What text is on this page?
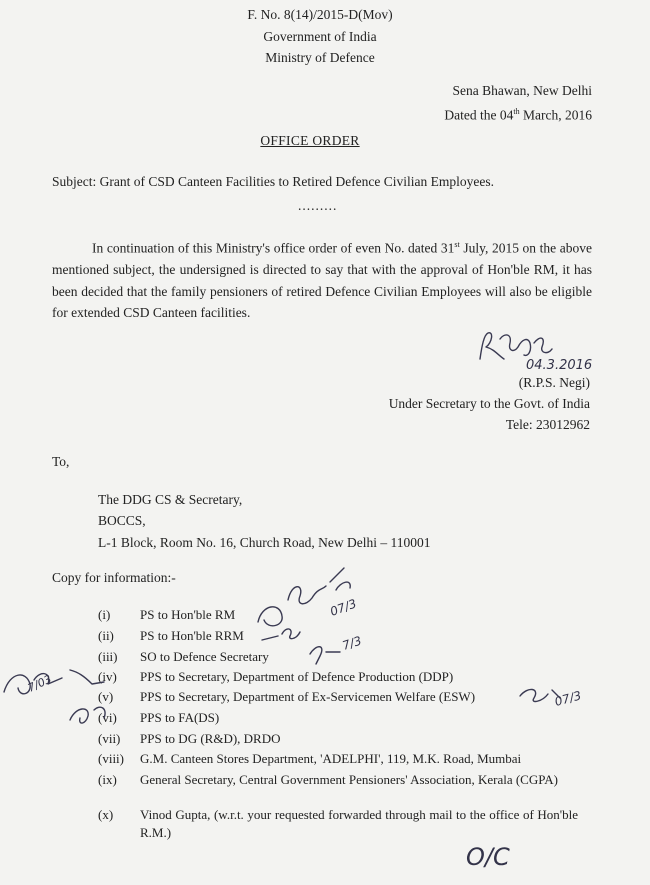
F. No. 8(14)/2015-D(Mov)
Government of India
Ministry of Defence
Sena Bhawan, New Delhi
Dated the 04th March, 2016
OFFICE ORDER
Subject: Grant of CSD Canteen Facilities to Retired Defence Civilian Employees.
.........

In continuation of this Ministry's office order of even No. dated 31st July, 2015 on the above mentioned subject, the undersigned is directed to say that with the approval of Hon'ble RM, it has been decided that the family pensioners of retired Defence Civilian Employees will also be eligible for extended CSD Canteen facilities.

04.3.2016
(R.P.S. Negi)
Under Secretary to the Govt. of India
Tele: 23012962
To,
The DDG CS & Secretary,
BOCCS,
L-1 Block, Room No. 16, Church Road, New Delhi – 110001
Copy for information:-
(i)	PS to Hon'ble RM
(ii)	PS to Hon'ble RRM
(iii)	SO to Defence Secretary
(iv)	PPS to Secretary, Department of Defence Production (DDP)
(v)	PPS to Secretary, Department of Ex-Servicemen Welfare (ESW)
(vi)	PPS to FA(DS)
(vii)	PPS to DG (R&D), DRDO
(viii)	G.M. Canteen Stores Department, 'ADELPHI', 119, M.K. Road, Mumbai
(ix)	General Secretary, Central Government Pensioners' Association, Kerala (CGPA)
(x)	Vinod Gupta, (w.r.t. your requested forwarded through mail to the office of Hon'ble R.M.)
07/3
7/3
7/03
07/3
O/C
